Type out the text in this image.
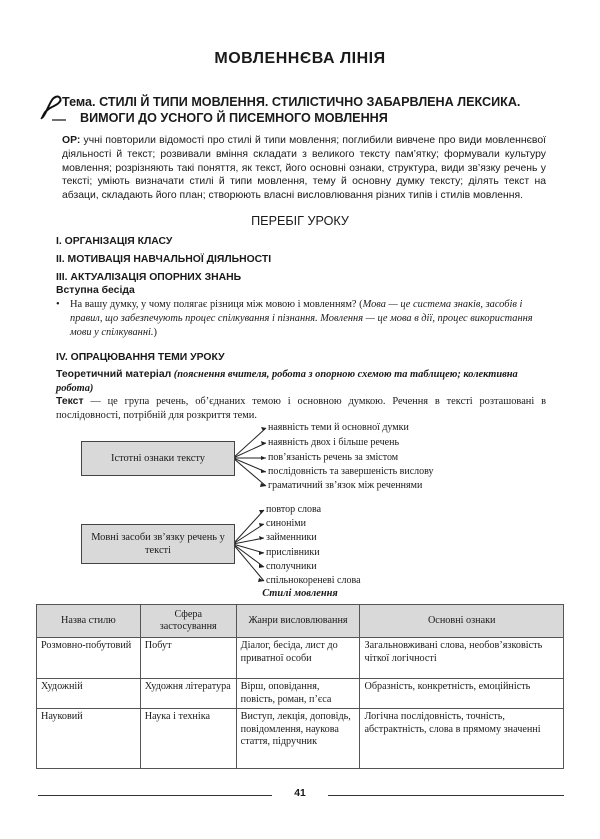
МОВЛЕННЄВА ЛІНІЯ
Тема. СТИЛІ Й ТИПИ МОВЛЕННЯ. СТИЛІСТИЧНО ЗАБАРВЛЕНА ЛЕКСИКА.
ВИМОГИ ДО УСНОГО Й ПИСЕМНОГО МОВЛЕННЯ
ОР: учні повторили відомості про стилі й типи мовлення; поглибили вивчене про види мовленнєвої діяльності й текст; розвивали вміння складати з великого тексту пам’ятку; формували культуру мовлення; розрізняють такі поняття, як текст, його основні ознаки, структура, види зв’язку речень у тексті; уміють визначати стилі й типи мовлення, тему й основну думку тексту; ділять текст на абзаци, складають його план; створюють власні висловлювання різних типів і стилів мовлення.
ПЕРЕБІГ УРОКУ
I. ОРГАНІЗАЦІЯ КЛАСУ
II. МОТИВАЦІЯ НАВЧАЛЬНОЇ ДІЯЛЬНОСТІ
III. АКТУАЛІЗАЦІЯ ОПОРНИХ ЗНАНЬ
Вступна бесіда
• На вашу думку, у чому полягає різниця між мовою і мовленням? (Мова — це система знаків, засобів і правил, що забезпечують процес спілкування і пізнання. Мовлення — це мова в дії, процес використання мови у спілкуванні.)
IV. ОПРАЦЮВАННЯ ТЕМИ УРОКУ
Теоретичний матеріал (пояснення вчителя, робота з опорною схемою та таблицею; колективна робота)
Текст — це група речень, об’єднаних темою і основною думкою. Речення в тексті розташовані в послідовності, потрібній для розкриття теми.
Істотні ознаки тексту
наявність теми й основної думки
наявність двох і більше речень
пов’язаність речень за змістом
послідовність та завершеність вислову
граматичний зв’язок між реченнями
Мовні засоби зв’язку речень у тексті
повтор слова
синоніми
займенники
прислівники
сполучники
спільнокореневі слова
Стилі мовлення
Назва стилю	Сфера застосування	Жанри висловлювання	Основні ознаки
Розмовно-побутовий	Побут	Діалог, бесіда, лист до приватної особи	Загальновживані слова, необов’язковість чіткої логічності
Художній	Художня література	Вірш, оповідання, повість, роман, п’єса	Образність, конкретність, емоційність
Науковий	Наука і техніка	Виступ, лекція, доповідь, повідомлення, наукова стаття, підручник	Логічна послідовність, точність, абстрактність, слова в прямому значенні
41
